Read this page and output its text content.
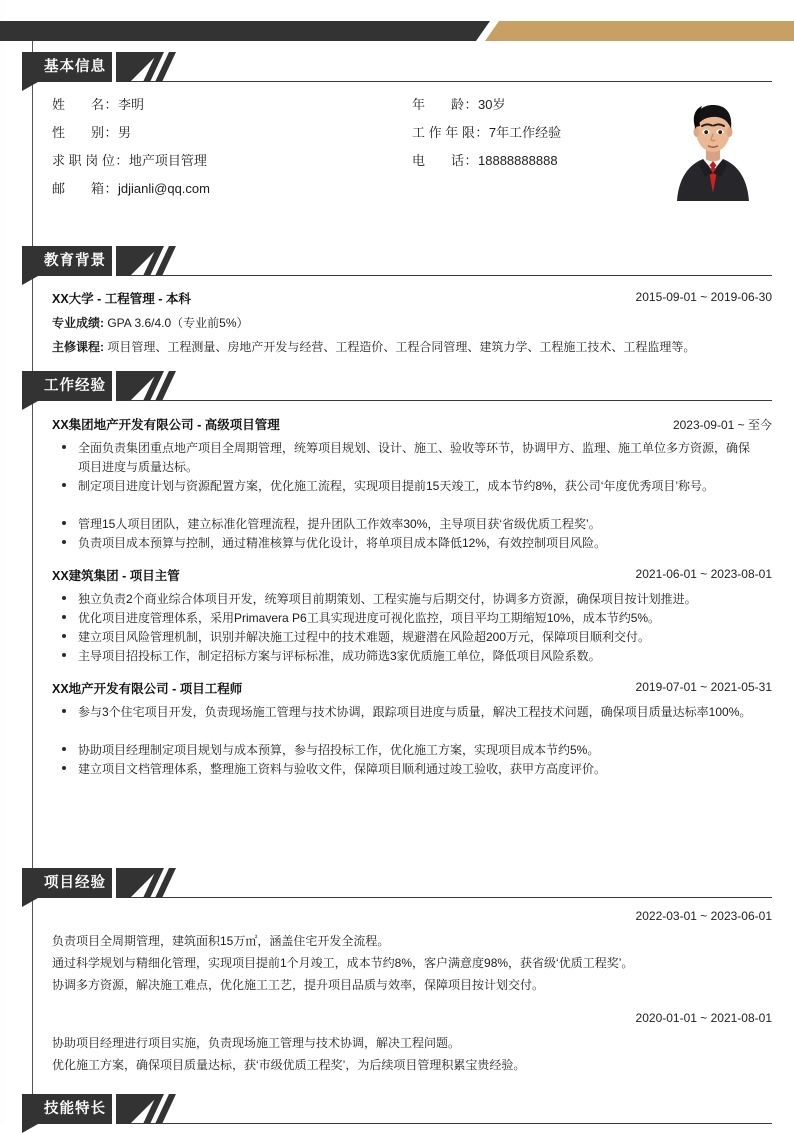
基本信息
姓　　名：李明
性　　别：男
求 职 岗 位：地产项目管理
邮　　箱：jdjianli@qq.com
年　　龄：30岁
工 作 年 限：7年工作经验
电　　话：18888888888
教育背景
XX大学 - 工程管理 - 本科	2015-09-01 ~ 2019-06-30
专业成绩: GPA 3.6/4.0（专业前5%）
主修课程: 项目管理、工程测量、房地产开发与经营、工程造价、工程合同管理、建筑力学、工程施工技术、工程监理等。
工作经验
XX集团地产开发有限公司 - 高级项目管理	2023-09-01 ~ 至今
全面负责集团重点地产项目全周期管理，统筹项目规划、设计、施工、验收等环节，协调甲方、监理、施工单位多方资源，确保项目进度与质量达标。
制定项目进度计划与资源配置方案，优化施工流程，实现项目提前15天竣工，成本节约8%，获公司‘年度优秀项目’称号。
管理15人项目团队，建立标准化管理流程，提升团队工作效率30%，主导项目获‘省级优质工程奖’。
负责项目成本预算与控制，通过精准核算与优化设计，将单项目成本降低12%，有效控制项目风险。
XX建筑集团 - 项目主管	2021-06-01 ~ 2023-08-01
独立负责2个商业综合体项目开发，统筹项目前期策划、工程实施与后期交付，协调多方资源，确保项目按计划推进。
优化项目进度管理体系，采用Primavera P6工具实现进度可视化监控，项目平均工期缩短10%，成本节约5%。
建立项目风险管理机制，识别并解决施工过程中的技术难题，规避潜在风险超200万元，保障项目顺利交付。
主导项目招投标工作，制定招标方案与评标标准，成功筛选3家优质施工单位，降低项目风险系数。
XX地产开发有限公司 - 项目工程师	2019-07-01 ~ 2021-05-31
参与3个住宅项目开发，负责现场施工管理与技术协调，跟踪项目进度与质量，解决工程技术问题，确保项目质量达标率100%。
协助项目经理制定项目规划与成本预算，参与招投标工作，优化施工方案，实现项目成本节约5%。
建立项目文档管理体系，整理施工资料与验收文件，保障项目顺利通过竣工验收，获甲方高度评价。
项目经验
2022-03-01 ~ 2023-06-01
负责项目全周期管理，建筑面积15万㎡，涵盖住宅开发全流程。
通过科学规划与精细化管理，实现项目提前1个月竣工，成本节约8%，客户满意度98%，获省级‘优质工程奖’。
协调多方资源，解决施工难点，优化施工工艺，提升项目品质与效率，保障项目按计划交付。
2020-01-01 ~ 2021-08-01
协助项目经理进行项目实施，负责现场施工管理与技术协调，解决工程问题。
优化施工方案，确保项目质量达标，获‘市级优质工程奖’，为后续项目管理积累宝贵经验。
技能特长
